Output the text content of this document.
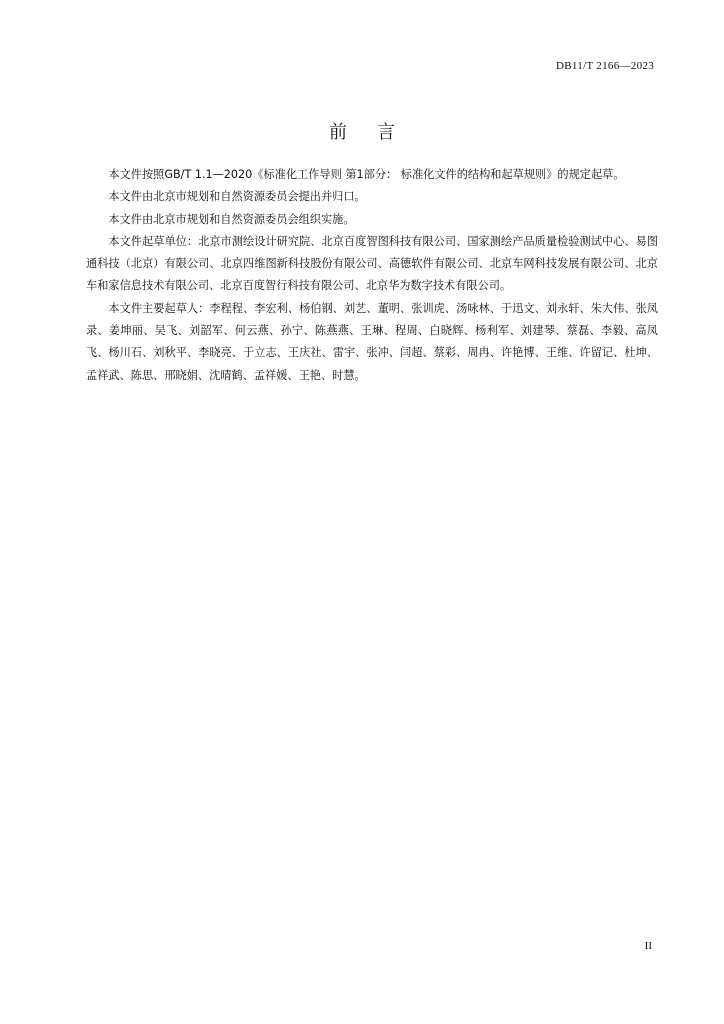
DB11/T 2166—2023
前言

本文件按照GB/T 1.1—2020《标准化工作导则 第1部分： 标准化文件的结构和起草规则》的规定起草。

本文件由北京市规划和自然资源委员会提出并归口。

本文件由北京市规划和自然资源委员会组织实施。

本文件起草单位：北京市测绘设计研究院、北京百度智图科技有限公司、国家测绘产品质量检验测试中心、易图通科技（北京）有限公司、北京四维图新科技股份有限公司、高德软件有限公司、北京车网科技发展有限公司、北京车和家信息技术有限公司、北京百度智行科技有限公司、北京华为数字技术有限公司。

本文件主要起草人：李程程、李宏利、杨伯钢、刘艺、董明、张训虎、汤咏林、于迅文、刘永轩、朱大伟、张凤录、姜坤丽、吴飞、刘韶军、何云燕、孙宁、陈燕燕、王琳、程周、白晓辉、杨利军、刘建琴、蔡磊、李毅、高凤飞、杨川石、刘秋平、李晓亮、于立志、王庆社、雷宇、张冲、闫超、蔡彩、周冉、许艳博、王维、许留记、杜坤、孟祥武、陈思、邢晓娟、沈晴鹤、孟祥媛、王艳、时慧。

II
